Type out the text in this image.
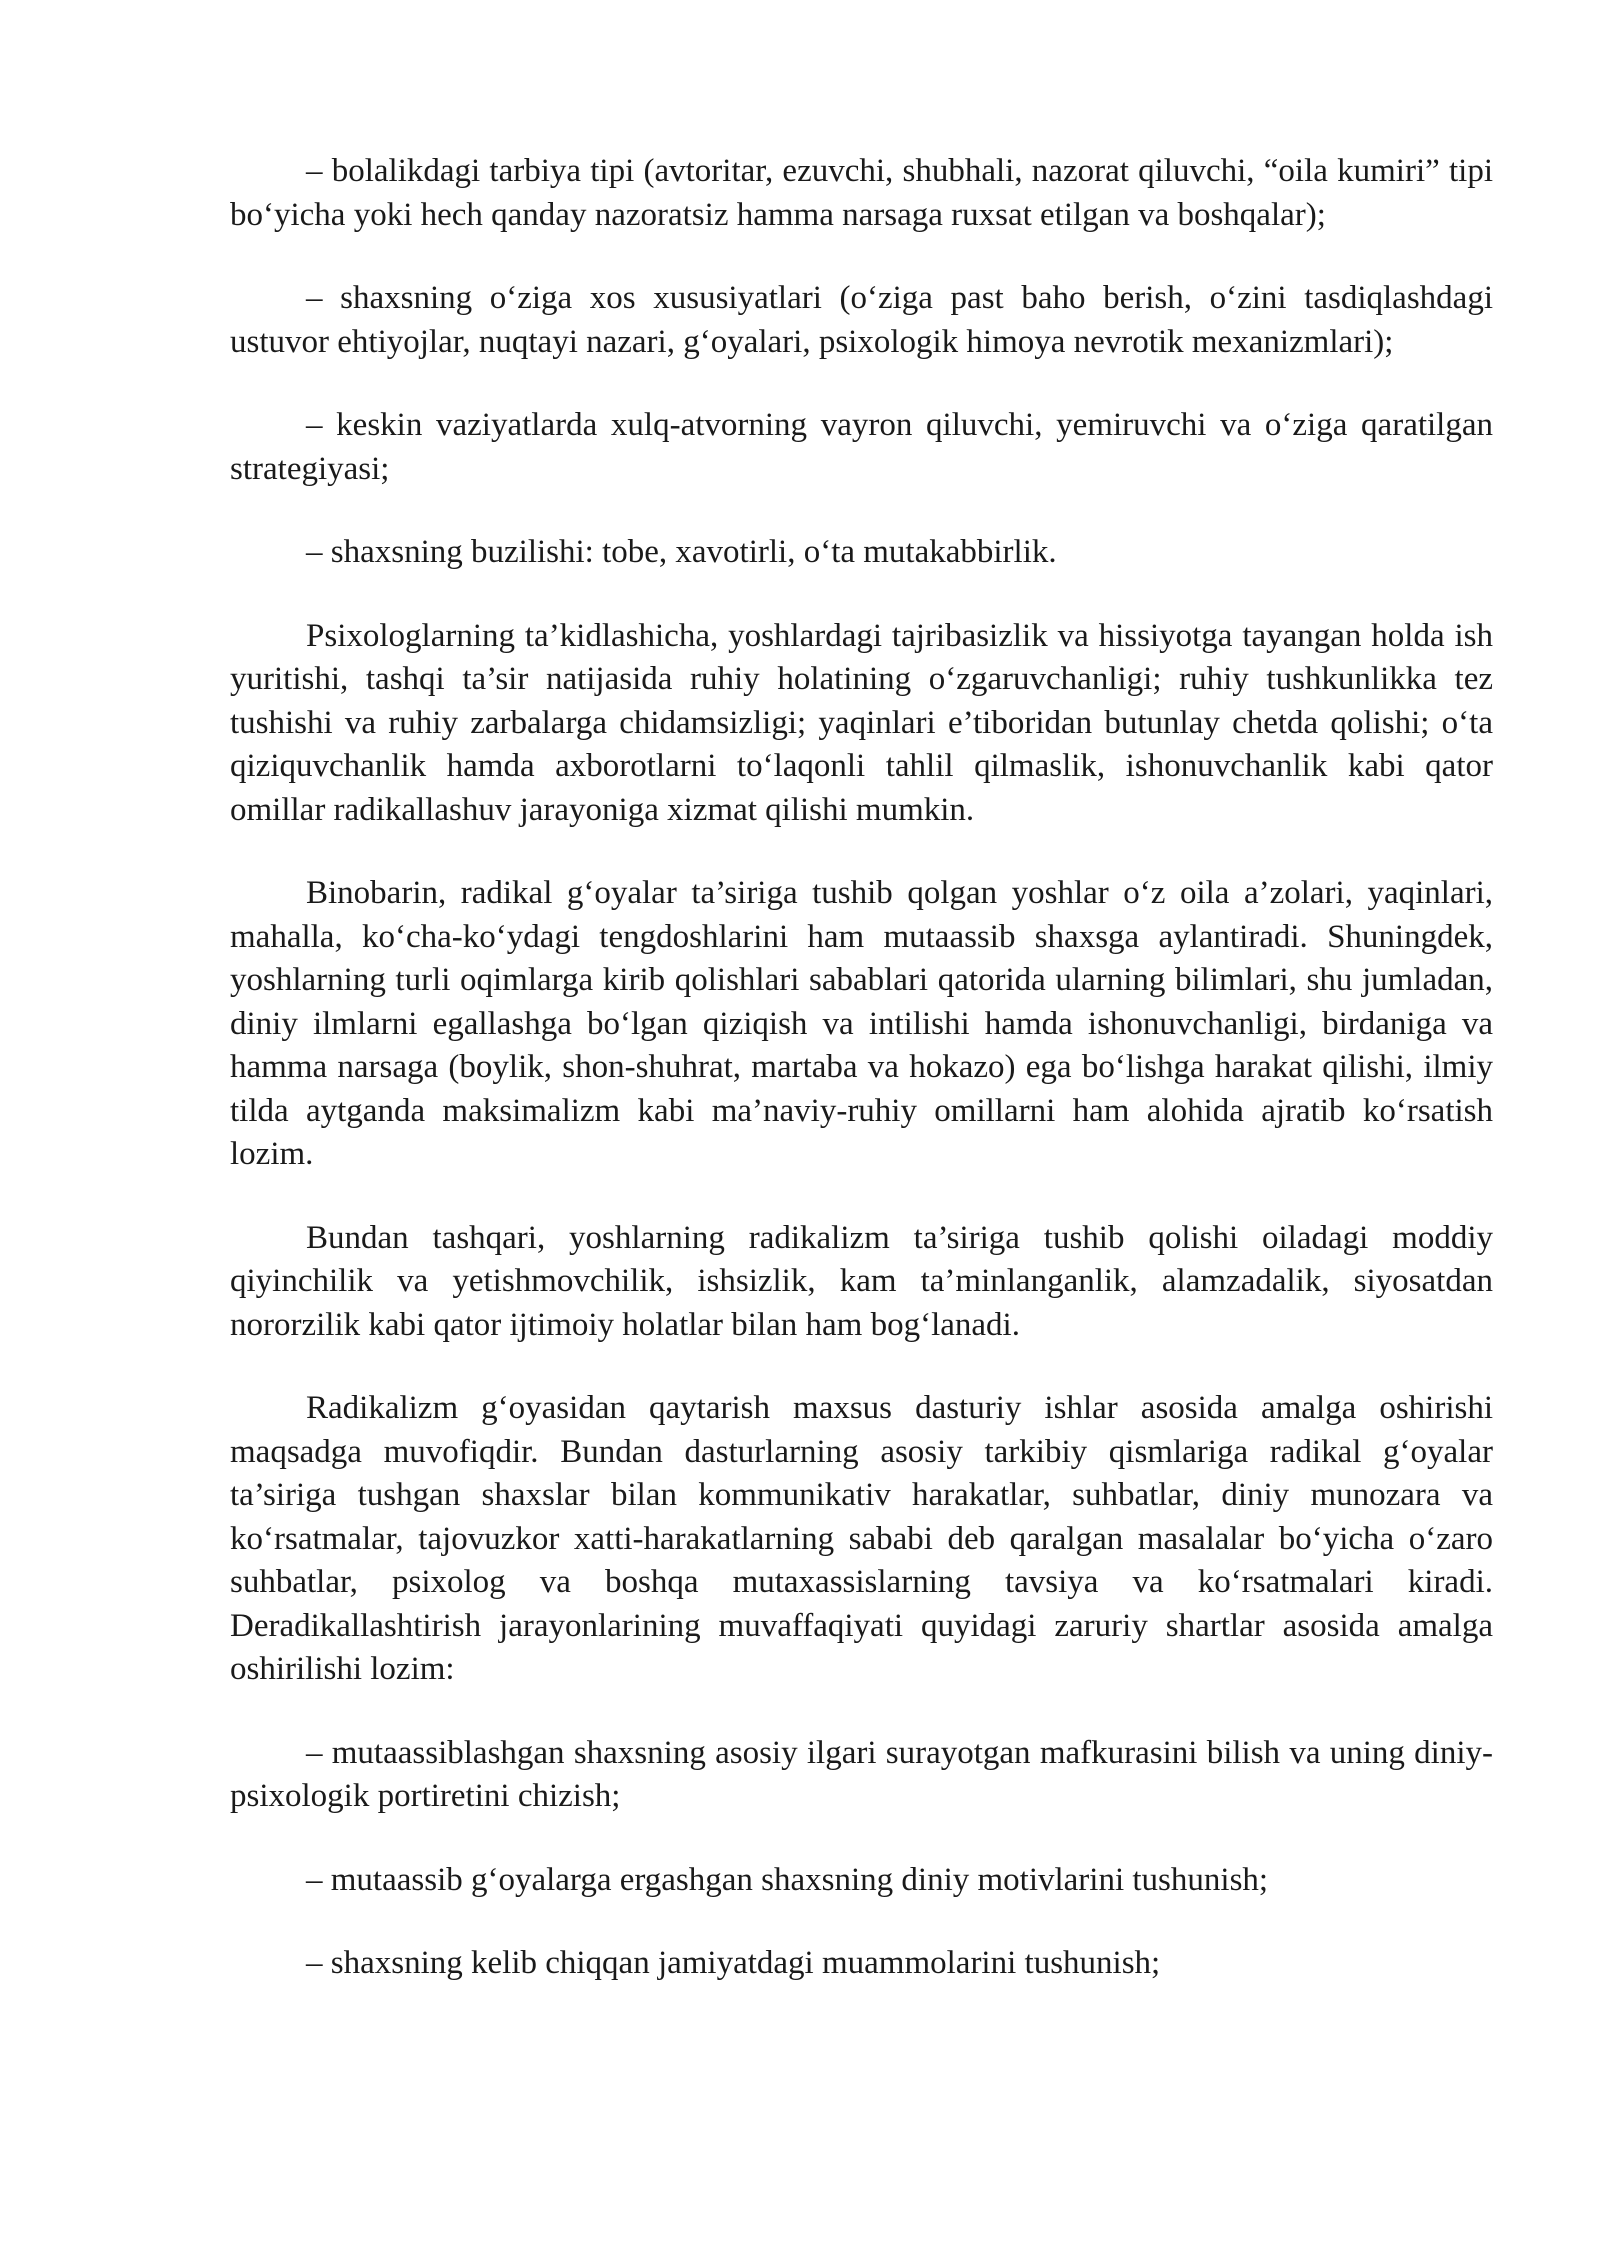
– bolalikdagi tarbiya tipi (avtoritar, ezuvchi, shubhali, nazorat qiluvchi, “oila kumiri” tipi bo‘yicha yoki hech qanday nazoratsiz hamma narsaga ruxsat etilgan va boshqalar);

– shaxsning o‘ziga xos xususiyatlari (o‘ziga past baho berish, o‘zini tasdiqlashdagi ustuvor ehtiyojlar, nuqtayi nazari, g‘oyalari, psixologik himoya nevrotik mexanizmlari);

– keskin vaziyatlarda xulq-atvorning vayron qiluvchi, yemiruvchi va o‘ziga qaratilgan strategiyasi;

– shaxsning buzilishi: tobe, xavotirli, o‘ta mutakabbirlik.

Psixologlarning ta’kidlashicha, yoshlardagi tajribasizlik va hissiyotga tayangan holda ish yuritishi, tashqi ta’sir natijasida ruhiy holatining o‘zgaruvchanligi; ruhiy tushkunlikka tez tushishi va ruhiy zarbalarga chidamsizligi; yaqinlari e’tiboridan butunlay chetda qolishi; o‘ta qiziquvchanlik hamda axborotlarni to‘laqonli tahlil qilmaslik, ishonuvchanlik kabi qator omillar radikallashuv jarayoniga xizmat qilishi mumkin.

Binobarin, radikal g‘oyalar ta’siriga tushib qolgan yoshlar o‘z oila a’zolari, yaqinlari, mahalla, ko‘cha-ko‘ydagi tengdoshlarini ham mutaassib shaxsga aylantiradi. Shuningdek, yoshlarning turli oqimlarga kirib qolishlari sabablari qatorida ularning bilimlari, shu jumladan, diniy ilmlarni egallashga bo‘lgan qiziqish va intilishi hamda ishonuvchanligi, birdaniga va hamma narsaga (boylik, shon-shuhrat, martaba va hokazo) ega bo‘lishga harakat qilishi, ilmiy tilda aytganda maksimalizm kabi ma’naviy-ruhiy omillarni ham alohida ajratib ko‘rsatish lozim.

Bundan tashqari, yoshlarning radikalizm ta’siriga tushib qolishi oiladagi moddiy qiyinchilik va yetishmovchilik, ishsizlik, kam ta’minlanganlik, alamzadalik, siyosatdan nororzilik kabi qator ijtimoiy holatlar bilan ham bog‘lanadi.

Radikalizm g‘oyasidan qaytarish maxsus dasturiy ishlar asosida amalga oshirishi maqsadga muvofiqdir. Bundan dasturlarning asosiy tarkibiy qismlariga radikal g‘oyalar ta’siriga tushgan shaxslar bilan kommunikativ harakatlar, suhbatlar, diniy munozara va ko‘rsatmalar, tajovuzkor xatti-harakatlarning sababi deb qaralgan masalalar bo‘yicha o‘zaro suhbatlar, psixolog va boshqa mutaxassislarning tavsiya va ko‘rsatmalari kiradi. Deradikallashtirish jarayonlarining muvaffaqiyati quyidagi zaruriy shartlar asosida amalga oshirilishi lozim:

– mutaassiblashgan shaxsning asosiy ilgari surayotgan mafkurasini bilish va uning diniy-psixologik portiretini chizish;

– mutaassib g‘oyalarga ergashgan shaxsning diniy motivlarini tushunish;

– shaxsning kelib chiqqan jamiyatdagi muammolarini tushunish;
